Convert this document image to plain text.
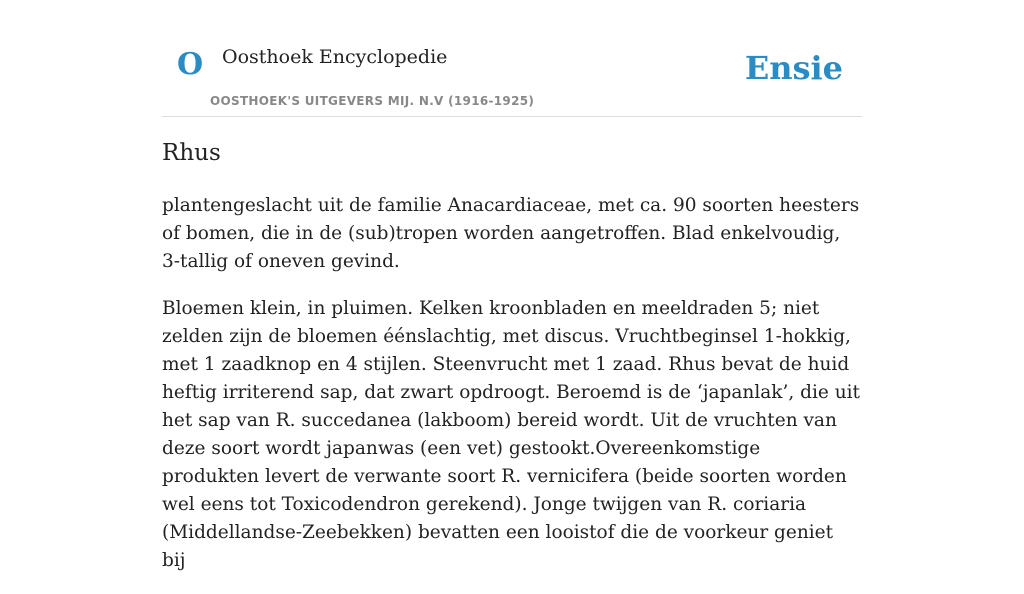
O Oosthoek Encyclopedie
OOSTHOEK'S UITGEVERS MIJ. N.V (1916-1925)
Ensie
Rhus

plantengeslacht uit de familie Anacardiaceae, met ca. 90 soorten heesters of bomen, die in de (sub)tropen worden aangetroffen. Blad enkelvoudig, 3-tallig of oneven gevind.

Bloemen klein, in pluimen. Kelken kroonbladen en meeldraden 5; niet zelden zijn de bloemen éénslachtig, met discus. Vruchtbeginsel 1-hokkig, met 1 zaadknop en 4 stijlen. Steenvrucht met 1 zaad. Rhus bevat de huid heftig irriterend sap, dat zwart opdroogt. Beroemd is de ‘japanlak’, die uit het sap van R. succedanea (lakboom) bereid wordt. Uit de vruchten van deze soort wordt japanwas (een vet) gestookt.Overeenkomstige produkten levert de verwante soort R. vernicifera (beide soorten worden wel eens tot Toxicodendron gerekend). Jonge twijgen van R. coriaria (Middellandse-Zeebekken) bevatten een looistof die de voorkeur geniet bij
